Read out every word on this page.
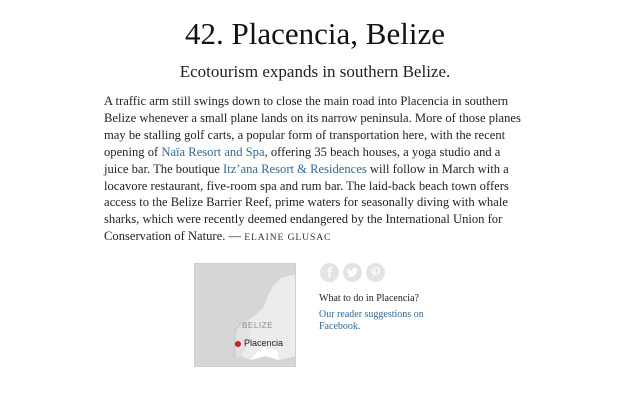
42. Placencia, Belize
Ecotourism expands in southern Belize.

A traffic arm still swings down to close the main road into Placencia in southern Belize whenever a small plane lands on its narrow peninsula. More of those planes may be stalling golf carts, a popular form of transportation here, with the recent opening of Naïa Resort and Spa, offering 35 beach houses, a yoga studio and a juice bar. The boutique Itz’ana Resort & Residences will follow in March with a locavore restaurant, five-room spa and rum bar. The laid-back beach town offers access to the Belize Barrier Reef, prime waters for seasonally diving with whale sharks, which were recently deemed endangered by the International Union for Conservation of Nature. — ELAINE GLUSAC

BELIZE
Placencia
What to do in Placencia?
Our reader suggestions on Facebook.
